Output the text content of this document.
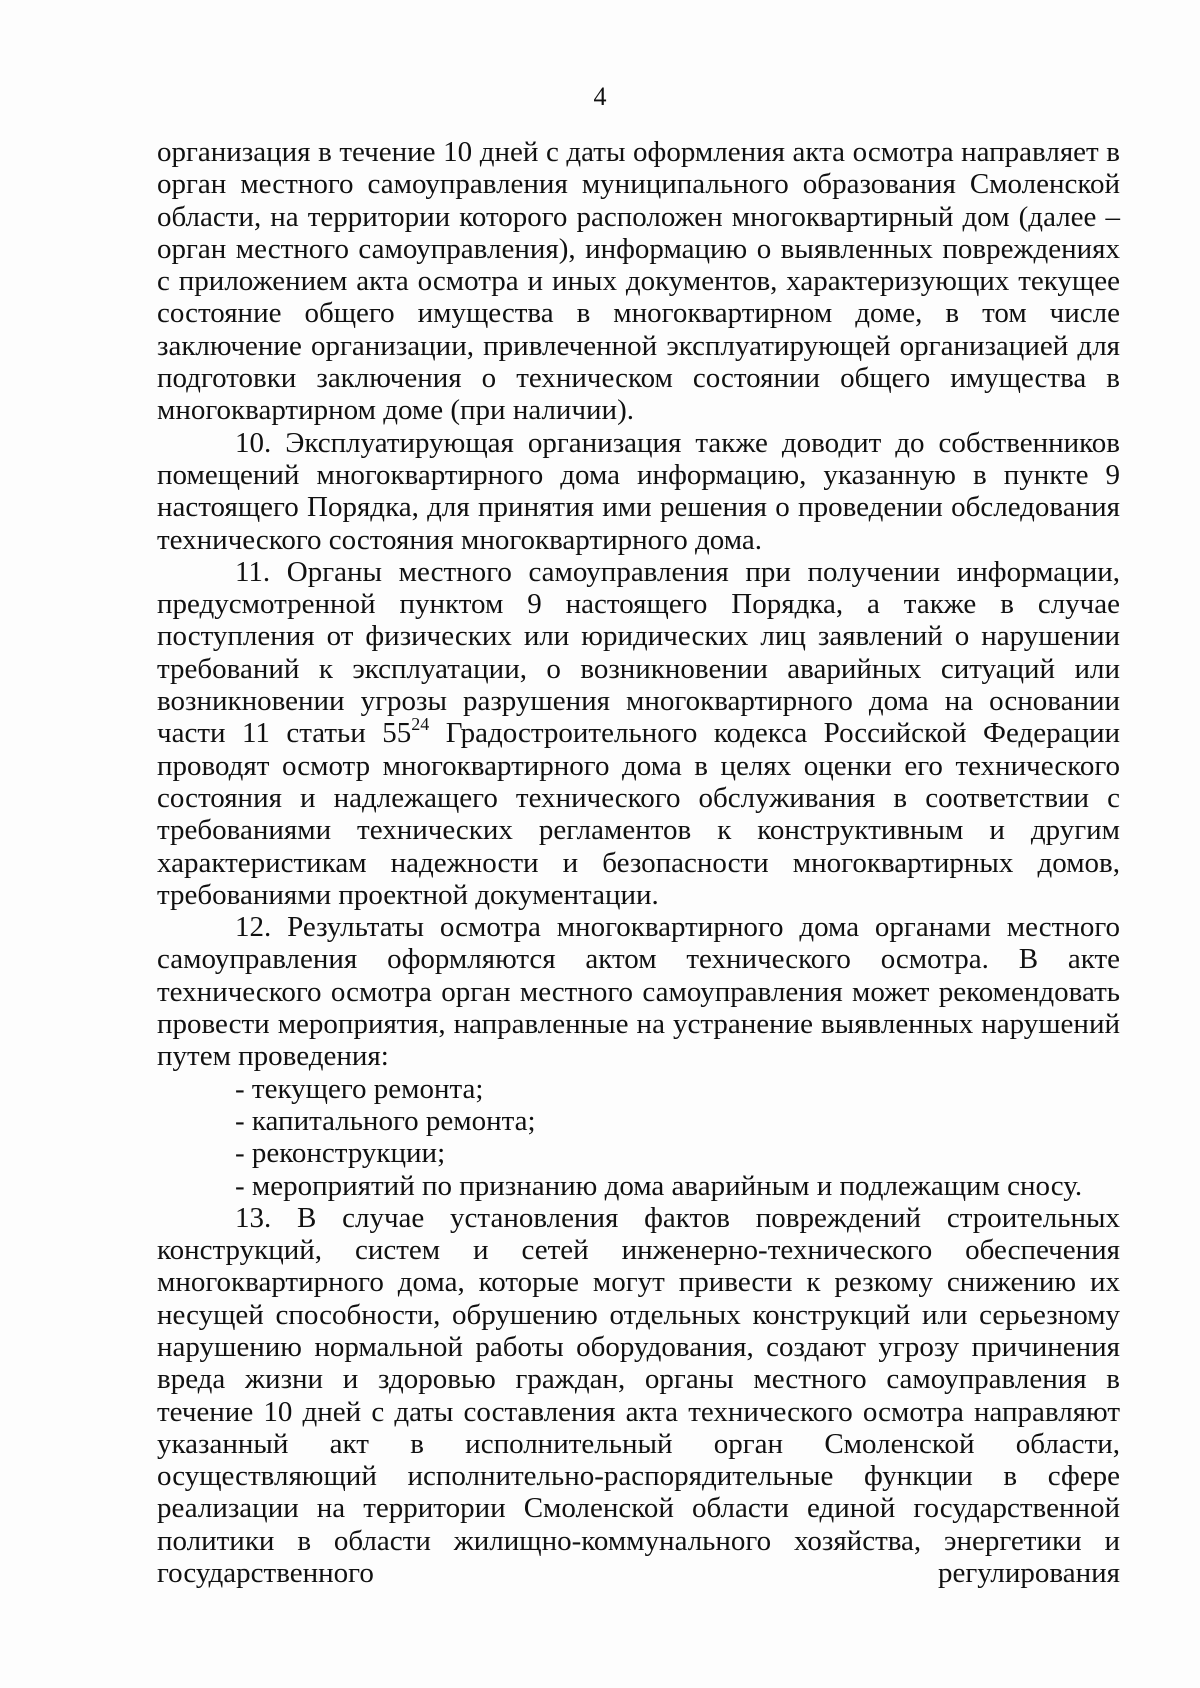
4

организация в течение 10 дней с даты оформления акта осмотра направляет в орган местного самоуправления муниципального образования Смоленской области, на территории которого расположен многоквартирный дом (далее – орган местного самоуправления), информацию о выявленных повреждениях с приложением акта осмотра и иных документов, характеризующих текущее состояние общего имущества в многоквартирном доме, в том числе заключение организации, привлеченной эксплуатирующей организацией для подготовки заключения о техническом состоянии общего имущества в многоквартирном доме (при наличии).

10. Эксплуатирующая организация также доводит до собственников помещений многоквартирного дома информацию, указанную в пункте 9 настоящего Порядка, для принятия ими решения о проведении обследования технического состояния многоквартирного дома.

11. Органы местного самоуправления при получении информации, предусмотренной пунктом 9 настоящего Порядка, а также в случае поступления от физических или юридических лиц заявлений о нарушении требований к эксплуатации, о возникновении аварийных ситуаций или возникновении угрозы разрушения многоквартирного дома на основании части 11 статьи $55^{24}$ Градостроительного кодекса Российской Федерации проводят осмотр многоквартирного дома в целях оценки его технического состояния и надлежащего технического обслуживания в соответствии с требованиями технических регламентов к конструктивным и другим характеристикам надежности и безопасности многоквартирных домов, требованиями проектной документации.

12. Результаты осмотра многоквартирного дома органами местного самоуправления оформляются актом технического осмотра. В акте технического осмотра орган местного самоуправления может рекомендовать провести мероприятия, направленные на устранение выявленных нарушений путем проведения:

- текущего ремонта;

- капитального ремонта;

- реконструкции;

- мероприятий по признанию дома аварийным и подлежащим сносу.

13. В случае установления фактов повреждений строительных конструкций, систем и сетей инженерно-технического обеспечения многоквартирного дома, которые могут привести к резкому снижению их несущей способности, обрушению отдельных конструкций или серьезному нарушению нормальной работы оборудования, создают угрозу причинения вреда жизни и здоровью граждан, органы местного самоуправления в течение 10 дней с даты составления акта технического осмотра направляют указанный акт в исполнительный орган Смоленской области, осуществляющий исполнительно-распорядительные функции в сфере реализации на территории Смоленской области единой государственной политики в области жилищно-коммунального хозяйства, энергетики и государственного регулирования
